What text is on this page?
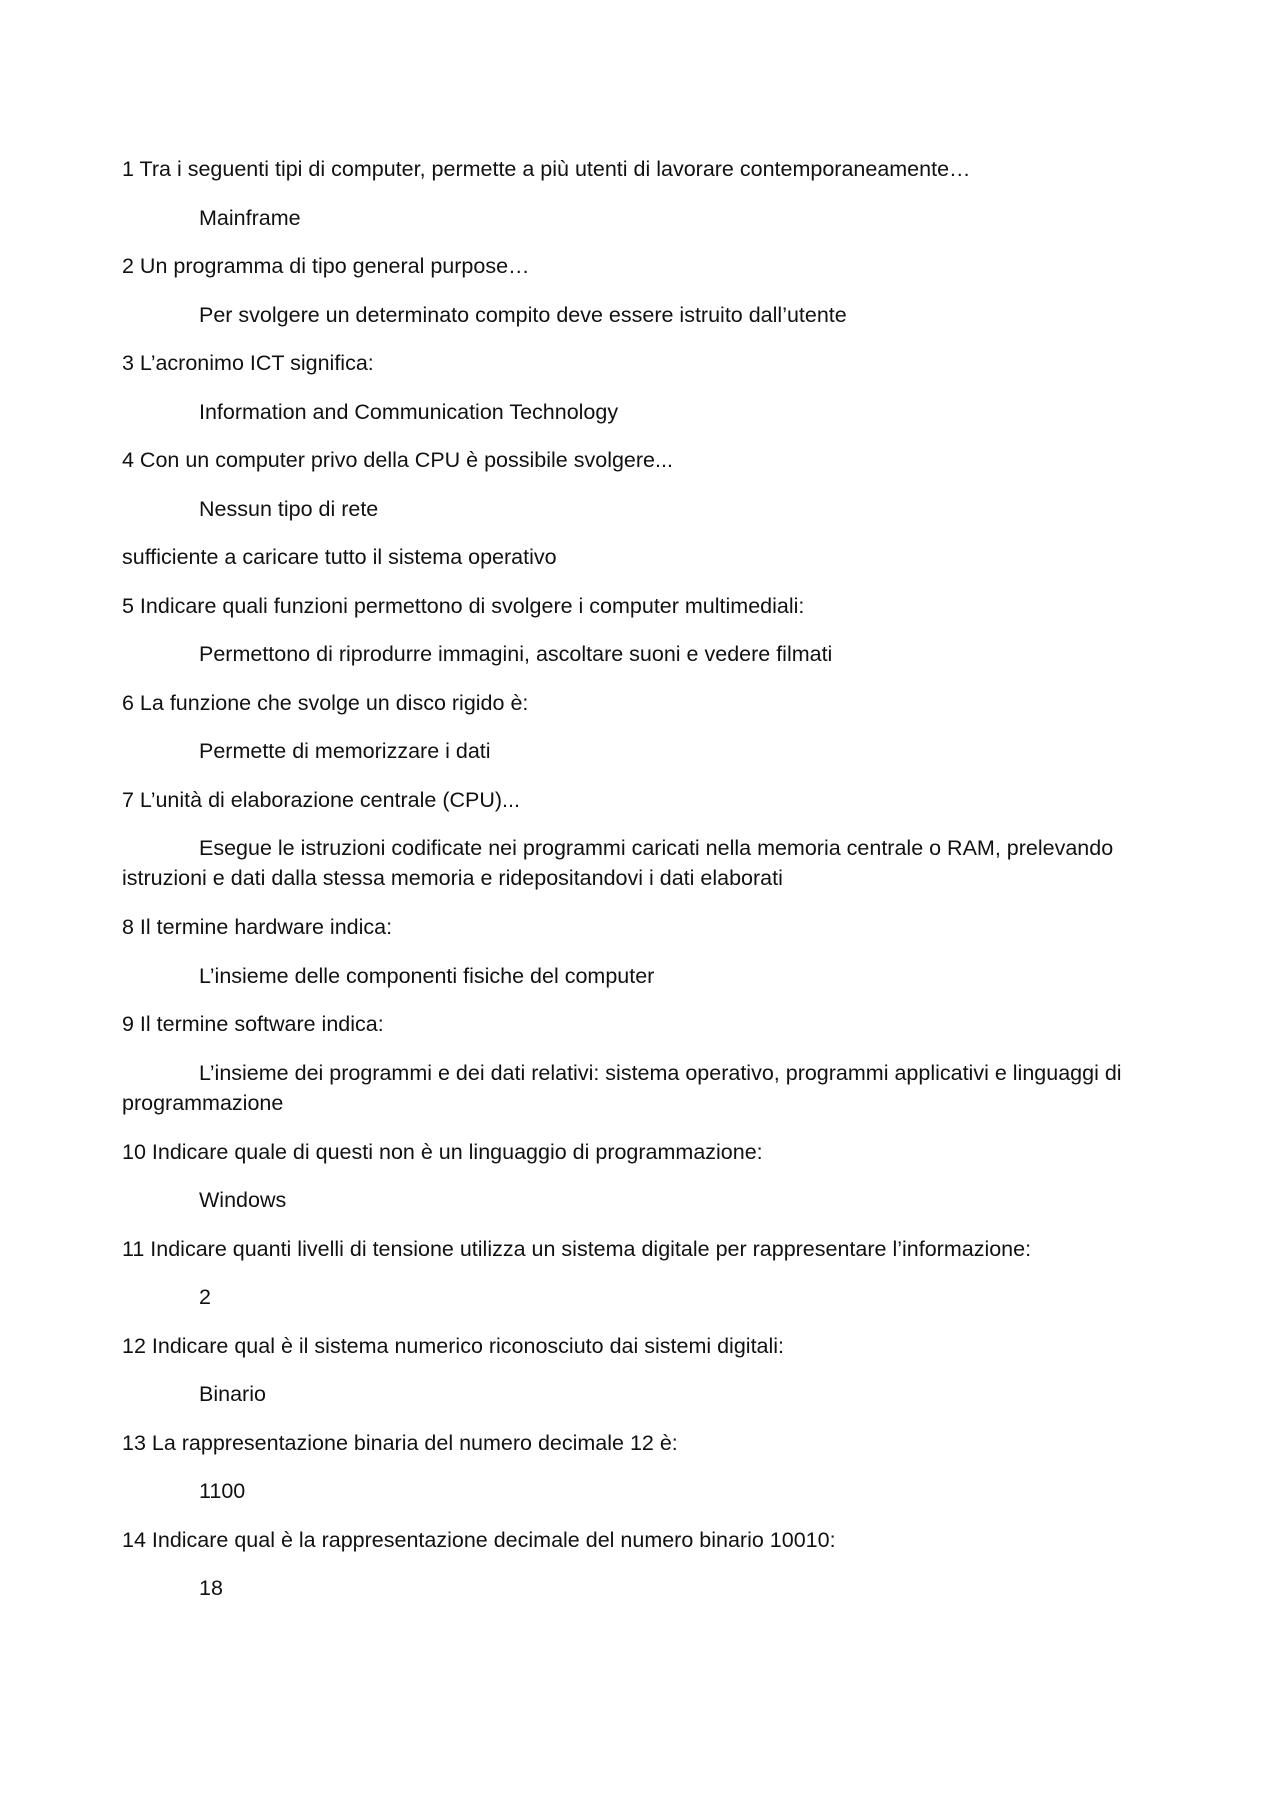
1 Tra i seguenti tipi di computer, permette a più utenti di lavorare contemporaneamente…

Mainframe

2 Un programma di tipo general purpose…

Per svolgere un determinato compito deve essere istruito dall’utente

3 L’acronimo ICT significa:

Information and Communication Technology

4 Con un computer privo della CPU è possibile svolgere...

Nessun tipo di rete

sufficiente a caricare tutto il sistema operativo

5 Indicare quali funzioni permettono di svolgere i computer multimediali:

Permettono di riprodurre immagini, ascoltare suoni e vedere filmati

6 La funzione che svolge un disco rigido è:

Permette di memorizzare i dati

7 L’unità di elaborazione centrale (CPU)...

Esegue le istruzioni codificate nei programmi caricati nella memoria centrale o RAM, prelevando istruzioni e dati dalla stessa memoria e ridepositandovi i dati elaborati

8 Il termine hardware indica:

L’insieme delle componenti fisiche del computer

9 Il termine software indica:

L’insieme dei programmi e dei dati relativi: sistema operativo, programmi applicativi e linguaggi di programmazione

10 Indicare quale di questi non è un linguaggio di programmazione:

Windows

11 Indicare quanti livelli di tensione utilizza un sistema digitale per rappresentare l’informazione:

2

12 Indicare qual è il sistema numerico riconosciuto dai sistemi digitali:

Binario

13 La rappresentazione binaria del numero decimale 12 è:

1100

14 Indicare qual è la rappresentazione decimale del numero binario 10010:

18
